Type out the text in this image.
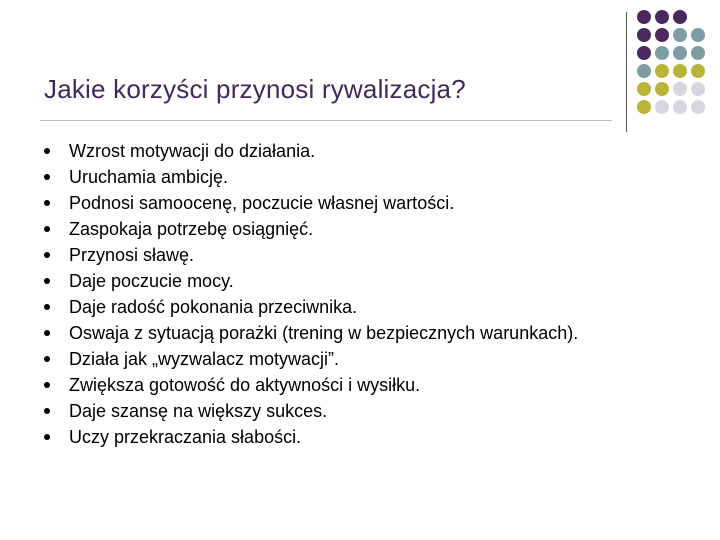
Jakie korzyści przynosi rywalizacja?
Wzrost motywacji do działania.
Uruchamia ambicję.
Podnosi samoocenę, poczucie własnej wartości.
Zaspokaja potrzebę osiągnięć.
Przynosi sławę.
Daje poczucie mocy.
Daje radość pokonania przeciwnika.
Oswaja z sytuacją porażki (trening w bezpiecznych warunkach).
Działa jak „wyzwalacz motywacji”.
Zwiększa gotowość do aktywności i wysiłku.
Daje szansę na większy sukces.
Uczy przekraczania słabości.
